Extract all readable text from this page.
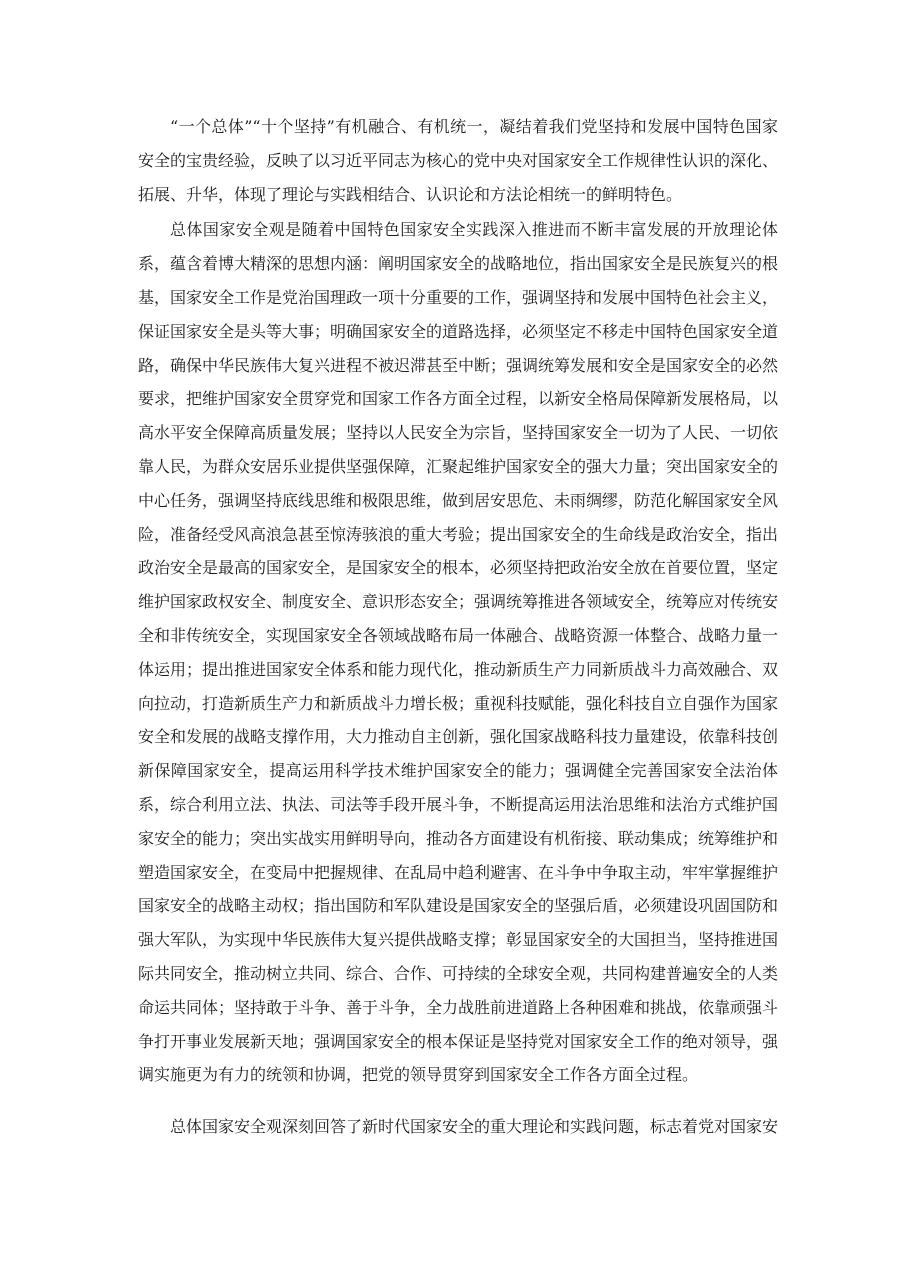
“一个总体”“十个坚持”有机融合、有机统一，凝结着我们党坚持和发展中国特色国家安全的宝贵经验，反映了以习近平同志为核心的党中央对国家安全工作规律性认识的深化、拓展、升华，体现了理论与实践相结合、认识论和方法论相统一的鲜明特色。

总体国家安全观是随着中国特色国家安全实践深入推进而不断丰富发展的开放理论体系，蕴含着博大精深的思想内涵：阐明国家安全的战略地位，指出国家安全是民族复兴的根基，国家安全工作是党治国理政一项十分重要的工作，强调坚持和发展中国特色社会主义，保证国家安全是头等大事；明确国家安全的道路选择，必须坚定不移走中国特色国家安全道路，确保中华民族伟大复兴进程不被迟滞甚至中断；强调统筹发展和安全是国家安全的必然要求，把维护国家安全贯穿党和国家工作各方面全过程，以新安全格局保障新发展格局，以高水平安全保障高质量发展；坚持以人民安全为宗旨，坚持国家安全一切为了人民、一切依靠人民，为群众安居乐业提供坚强保障，汇聚起维护国家安全的强大力量；突出国家安全的中心任务，强调坚持底线思维和极限思维，做到居安思危、未雨绸缪，防范化解国家安全风险，准备经受风高浪急甚至惊涛骇浪的重大考验；提出国家安全的生命线是政治安全，指出政治安全是最高的国家安全，是国家安全的根本，必须坚持把政治安全放在首要位置，坚定维护国家政权安全、制度安全、意识形态安全；强调统筹推进各领域安全，统筹应对传统安全和非传统安全，实现国家安全各领域战略布局一体融合、战略资源一体整合、战略力量一体运用；提出推进国家安全体系和能力现代化，推动新质生产力同新质战斗力高效融合、双向拉动，打造新质生产力和新质战斗力增长极；重视科技赋能，强化科技自立自强作为国家安全和发展的战略支撑作用，大力推动自主创新，强化国家战略科技力量建设，依靠科技创新保障国家安全，提高运用科学技术维护国家安全的能力；强调健全完善国家安全法治体系，综合利用立法、执法、司法等手段开展斗争，不断提高运用法治思维和法治方式维护国家安全的能力；突出实战实用鲜明导向，推动各方面建设有机衔接、联动集成；统筹维护和塑造国家安全，在变局中把握规律、在乱局中趋利避害、在斗争中争取主动，牢牢掌握维护国家安全的战略主动权；指出国防和军队建设是国家安全的坚强后盾，必须建设巩固国防和强大军队，为实现中华民族伟大复兴提供战略支撑；彰显国家安全的大国担当，坚持推进国际共同安全，推动树立共同、综合、合作、可持续的全球安全观，共同构建普遍安全的人类命运共同体；坚持敢于斗争、善于斗争，全力战胜前进道路上各种困难和挑战，依靠顽强斗争打开事业发展新天地；强调国家安全的根本保证是坚持党对国家安全工作的绝对领导，强调实施更为有力的统领和协调，把党的领导贯穿到国家安全工作各方面全过程。

总体国家安全观深刻回答了新时代国家安全的重大理论和实践问题，标志着党对国家安
